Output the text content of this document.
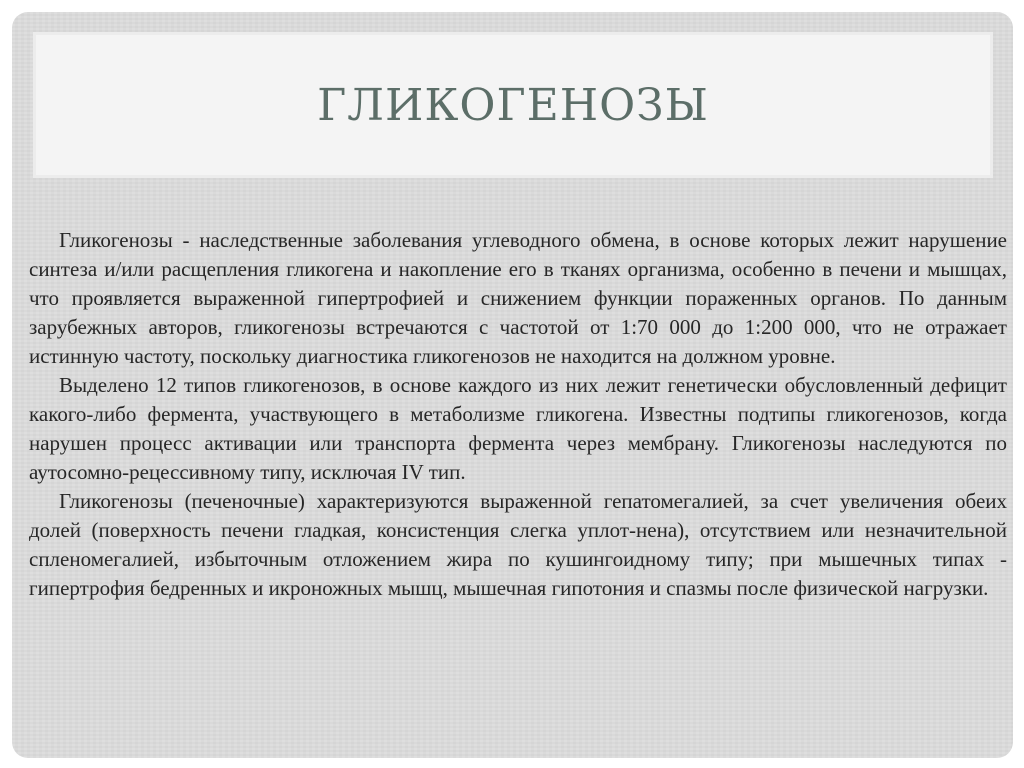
ГЛИКОГЕНОЗЫ

Гликогенозы - наследственные заболевания углеводного обмена, в основе которых лежит нарушение синтеза и/или расщепления гликогена и накопление его в тканях организма, особенно в печени и мышцах, что проявляется выраженной гипертрофией и снижением функции пораженных органов. По данным зарубежных авторов, гликогенозы встречаются с частотой от 1:70 000 до 1:200 000, что не отражает истинную частоту, поскольку диагностика гликогенозов не находится на должном уровне.

Выделено 12 типов гликогенозов, в основе каждого из них лежит генетически обусловленный дефицит какого-либо фермента, участвующего в метаболизме гликогена. Известны подтипы гликогенозов, когда нарушен процесс активации или транспорта фермента через мембрану. Гликогенозы наследуются по аутосомно-рецессивному типу, исключая IV тип.

Гликогенозы (печеночные) характеризуются выраженной гепатомегалией, за счет увеличения обеих долей (поверхность печени гладкая, консистенция слегка уплот-нена), отсутствием или незначительной спленомегалией, избыточным отложением жира по кушингоидному типу; при мышечных типах - гипертрофия бедренных и икроножных мышц, мышечная гипотония и спазмы после физической нагрузки.
